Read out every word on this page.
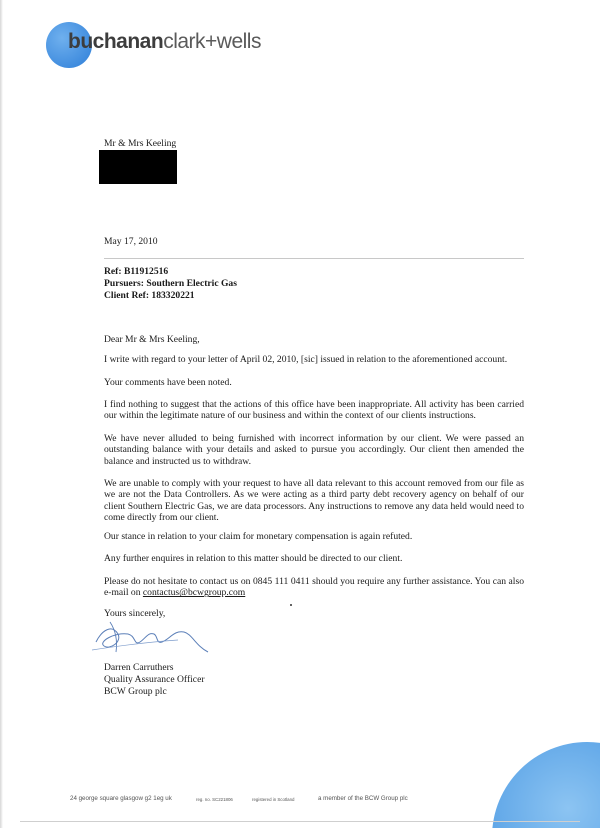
buchananclark+wells
Mr & Mrs Keeling
May 17, 2010
Ref: B11912516
Pursuers: Southern Electric Gas
Client Ref: 183320221
Dear Mr & Mrs Keeling,
I write with regard to your letter of April 02, 2010, [sic] issued in relation to the aforementioned account.
Your comments have been noted.
I find nothing to suggest that the actions of this office have been inappropriate. All activity has been carried our within the legitimate nature of our business and within the context of our clients instructions.
We have never alluded to being furnished with incorrect information by our client. We were passed an outstanding balance with your details and asked to pursue you accordingly. Our client then amended the balance and instructed us to withdraw.
We are unable to comply with your request to have all data relevant to this account removed from our file as we are not the Data Controllers. As we were acting as a third party debt recovery agency on behalf of our client Southern Electric Gas, we are data processors. Any instructions to remove any data held would need to come directly from our client.
Our stance in relation to your claim for monetary compensation is again refuted.
Any further enquires in relation to this matter should be directed to our client.
Please do not hesitate to contact us on 0845 111 0411 should you require any further assistance. You can also e-mail on contactus@bcwgroup.com
Yours sincerely,
Darren Carruthers
Quality Assurance Officer
BCW Group plc
24 george square glasgow g2 1eg uk	reg. no. SC221806	registered in Scotland	a member of the BCW Group plc
